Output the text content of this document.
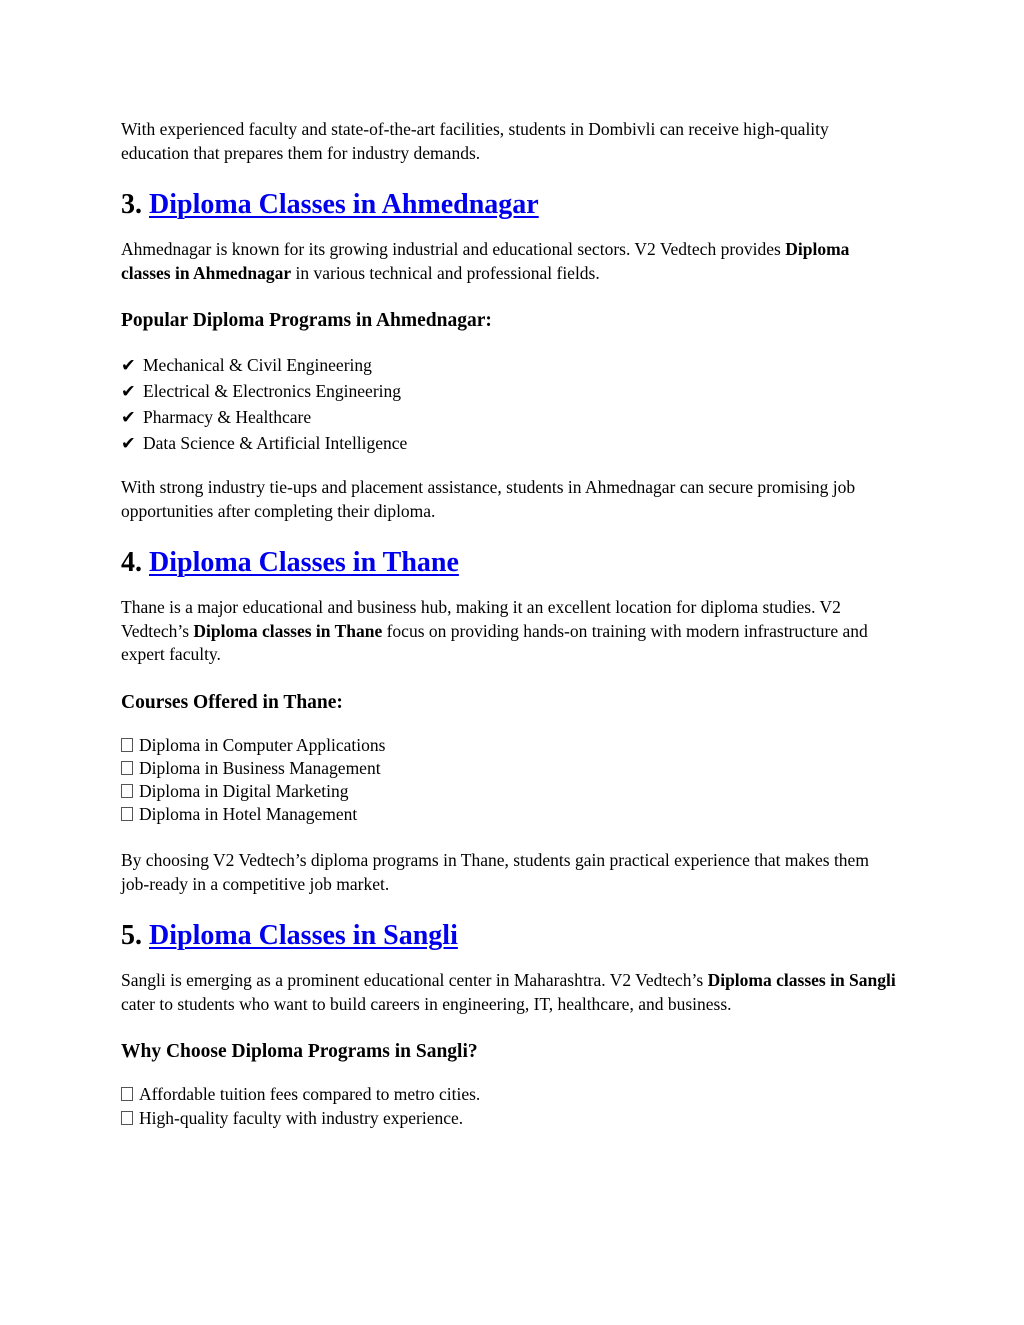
With experienced faculty and state-of-the-art facilities, students in Dombivli can receive high-quality education that prepares them for industry demands.

3. Diploma Classes in Ahmednagar

Ahmednagar is known for its growing industrial and educational sectors. V2 Vedtech provides Diploma classes in Ahmednagar in various technical and professional fields.

Popular Diploma Programs in Ahmednagar:
✔ Mechanical & Civil Engineering
✔ Electrical & Electronics Engineering
✔ Pharmacy & Healthcare
✔ Data Science & Artificial Intelligence

With strong industry tie-ups and placement assistance, students in Ahmednagar can secure promising job opportunities after completing their diploma.

4. Diploma Classes in Thane

Thane is a major educational and business hub, making it an excellent location for diploma studies. V2 Vedtech’s Diploma classes in Thane focus on providing hands-on training with modern infrastructure and expert faculty.

Courses Offered in Thane:
Diploma in Computer Applications
Diploma in Business Management
Diploma in Digital Marketing
Diploma in Hotel Management

By choosing V2 Vedtech’s diploma programs in Thane, students gain practical experience that makes them job-ready in a competitive job market.

5. Diploma Classes in Sangli

Sangli is emerging as a prominent educational center in Maharashtra. V2 Vedtech’s Diploma classes in Sangli cater to students who want to build careers in engineering, IT, healthcare, and business.

Why Choose Diploma Programs in Sangli?
Affordable tuition fees compared to metro cities.
High-quality faculty with industry experience.
